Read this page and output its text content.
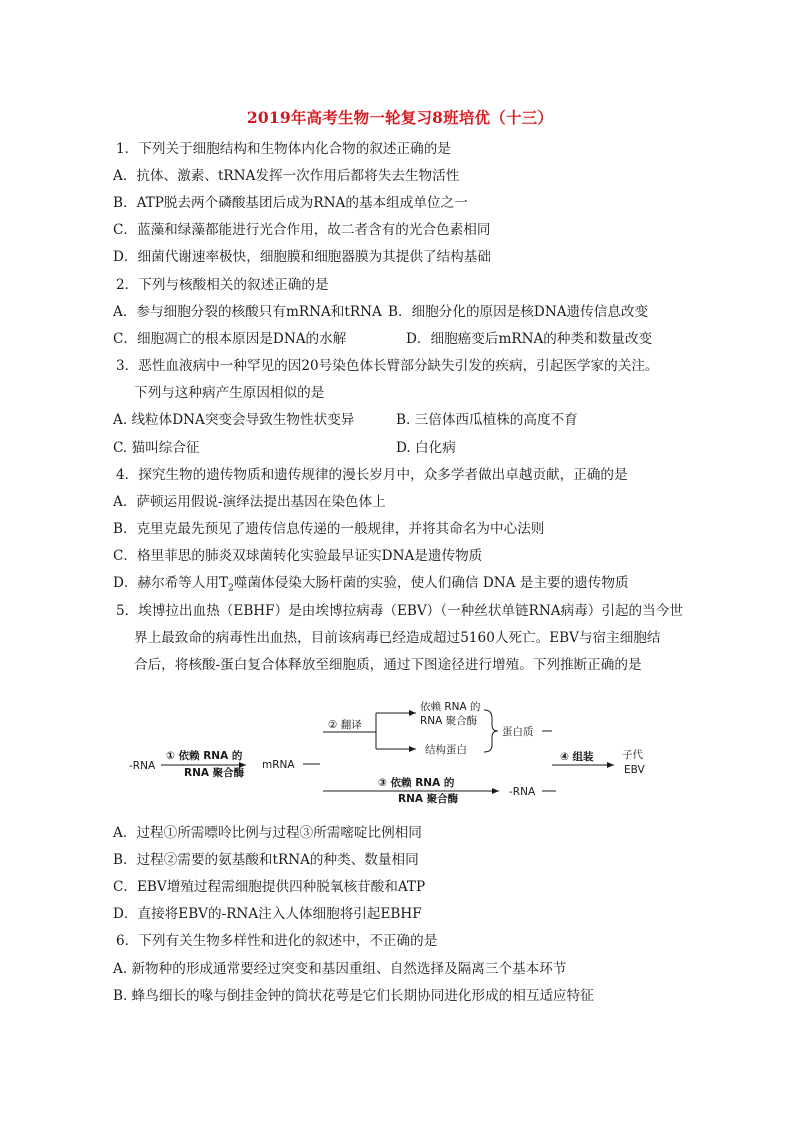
2019年高考生物一轮复习8班培优（十三）
1．下列关于细胞结构和生物体内化合物的叙述正确的是
A．抗体、激素、tRNA发挥一次作用后都将失去生物活性
B．ATP脱去两个磷酸基团后成为RNA的基本组成单位之一
C．蓝藻和绿藻都能进行光合作用，故二者含有的光合色素相同
D．细菌代谢速率极快，细胞膜和细胞器膜为其提供了结构基础
2．下列与核酸相关的叙述正确的是
A．参与细胞分裂的核酸只有mRNA和tRNA B．细胞分化的原因是核DNA遗传信息改变
C．细胞凋亡的根本原因是DNA的水解	D．细胞癌变后mRNA的种类和数量改变
3．恶性血液病中一种罕见的因20号染色体长臂部分缺失引发的疾病，引起医学家的关注。
下列与这种病产生原因相似的是
A. 线粒体DNA突变会导致生物性状变异	B. 三倍体西瓜植株的高度不育
C. 猫叫综合征	D. 白化病
4．探究生物的遗传物质和遗传规律的漫长岁月中，众多学者做出卓越贡献，正确的是
A．萨顿运用假说-演绎法提出基因在染色体上
B．克里克最先预见了遗传信息传递的一般规律，并将其命名为中心法则
C．格里菲思的肺炎双球菌转化实验最早证实DNA是遗传物质
D．赫尔希等人用$T_2$噬菌体侵染大肠杆菌的实验，使人们确信 DNA 是主要的遗传物质
5．埃博拉出血热（EBHF）是由埃博拉病毒（EBV）（一种丝状单链RNA病毒）引起的当今世
界上最致命的病毒性出血热，目前该病毒已经造成超过5160人死亡。EBV与宿主细胞结
合后，将核酸-蛋白复合体释放至细胞质，通过下图途径进行增殖。下列推断正确的是
-RNA
① 依赖 RNA 的
RNA 聚合酶
mRNA
② 翻译
依赖 RNA 的
RNA 聚合酶
结构蛋白
蛋白质
④ 组装	子代
EBV
③ 依赖 RNA 的
RNA 聚合酶
-RNA
A．过程①所需嘌呤比例与过程③所需嘧啶比例相同
B．过程②需要的氨基酸和tRNA的种类、数量相同
C．EBV增殖过程需细胞提供四种脱氧核苷酸和ATP
D．直接将EBV的-RNA注入人体细胞将引起EBHF
6．下列有关生物多样性和进化的叙述中，不正确的是
A. 新物种的形成通常要经过突变和基因重组、自然选择及隔离三个基本环节
B. 蜂鸟细长的喙与倒挂金钟的筒状花萼是它们长期协同进化形成的相互适应特征
